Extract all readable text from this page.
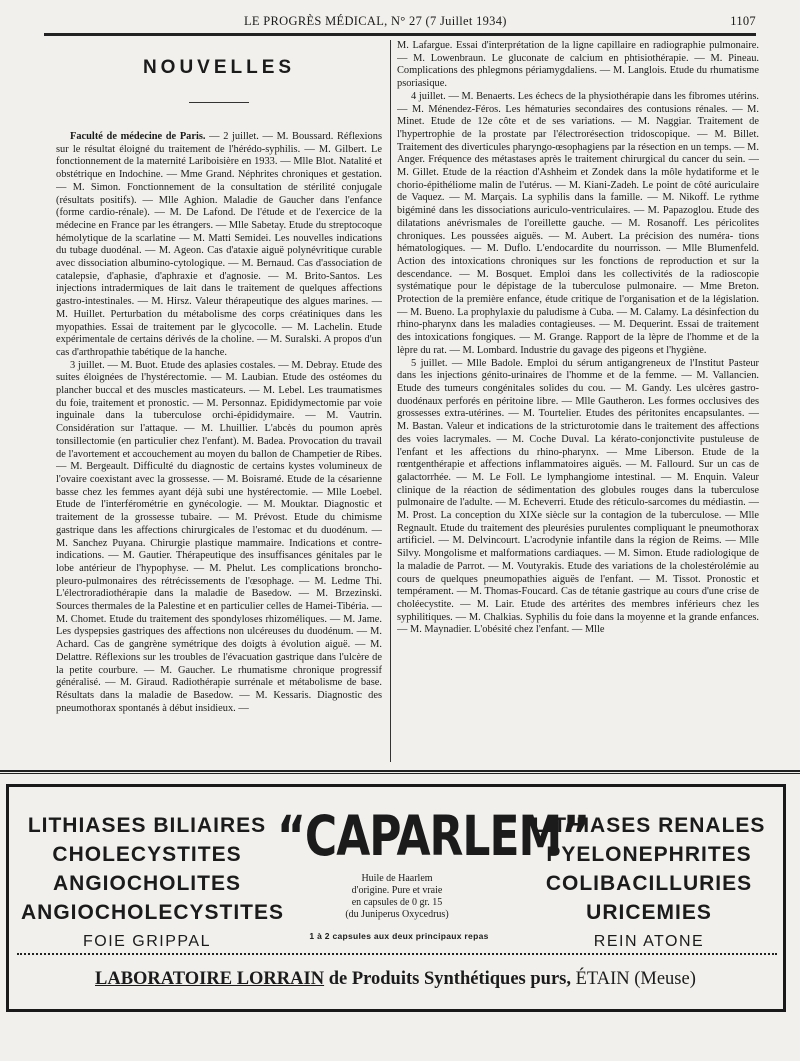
LE PROGRÈS MÉDICAL, N° 27 (7 Juillet 1934)	1107
NOUVELLES

Faculté de médecine de Paris. — 2 juillet. — M. Boussard. Réflexions sur le résultat éloigné du traitement de l'hérédo-syphilis. — M. Gilbert. Le fonctionnement de la maternité Lariboisière en 1933. — Mlle Blot. Natalité et obstétrique en Indochine. — Mme Grand. Néphrites chroniques et gestation. — M. Simon. Fonctionnement de la consultation de stérilité conjugale (résultats positifs). — Mlle Aghion. Maladie de Gaucher dans l'enfance (forme cardio-rénale). — M. De Lafond. De l'étude et de l'exercice de la médecine en France par les étrangers. — Mlle Sabetay. Etude du streptocoque hémolytique de la scarlatine — M. Matti Semidei. Les nouvelles indications du tubage duodénal. — M. Ageon. Cas d'ataxie aiguë polynévritique curable avec dissociation albumino-cytologique. — M. Bernaud. Cas d'association de catalepsie, d'aphasie, d'aphraxie et d'agnosie. — M. Brito-Santos. Les injections intradermiques de lait dans le traitement de quelques affections gastro-intestinales. — M. Hirsz. Valeur thérapeutique des algues marines. — M. Huillet. Perturbation du métabolisme des corps créatiniques dans les myopathies. Essai de traitement par le glycocolle. — M. Lachelin. Etude expérimentale de certains dérivés de la choline. — M. Suralski. A propos d'un cas d'arthropathie tabétique de la hanche.

3 juillet. — M. Buot. Etude des aplasies costales. — M. Debray. Etude des suites éloignées de l'hystérectomie. — M. Laubian. Etude des ostéomes du plancher buccal et des muscles masticateurs. — M. Lebel. Les traumatismes du foie, traitement et pronostic. — M. Personnaz. Epididymectomie par voie inguinale dans la tuberculose orchi-épididymaire. — M. Vautrin. Considération sur l'attaque. — M. Lhuillier. L'abcès du poumon après tonsillectomie (en particulier chez l'enfant). M. Badea. Provocation du travail de l'avortement et accouchement au moyen du ballon de Champetier de Ribes. — M. Bergeault. Difficulté du diagnostic de certains kystes volumineux de l'ovaire coexistant avec la grossesse. — M. Boisramé. Etude de la césarienne basse chez les femmes ayant déjà subi une hystérectomie. — Mlle Loebel. Etude de l'interférométrie en gynécologie. — M. Mouktar. Diagnostic et traitement de la grossesse tubaire. — M. Prévost. Etude du chimisme gastrique dans les affections chirurgicales de l'estomac et du duodénum. — M. Sanchez Puyana. Chirurgie plastique mammaire. Indications et contre-indications. — M. Gautier. Thérapeutique des insuffisances génitales par le lobe antérieur de l'hypophyse. — M. Phelut. Les complications broncho-pleuro-pulmonaires des rétrécissements de l'œsophage. — M. Ledme Thi. L'électroradiothérapie dans la maladie de Basedow. — M. Brzezinski. Sources thermales de la Palestine et en particulier celles de Hamei-Tibéria. — M. Chomet. Etude du traitement des spondyloses rhizoméliques. — M. Jame. Les dyspepsies gastriques des affections non ulcéreuses du duodénum. — M. Achard. Cas de gangrène symétrique des doigts à évolution aiguë. — M. Delattre. Réflexions sur les troubles de l'évacuation gastrique dans l'ulcère de la petite courbure. — M. Gaucher. Le rhumatisme chronique progressif généralisé. — M. Giraud. Radiothérapie surrénale et métabolisme de base. Résultats dans la maladie de Basedow. — M. Kessaris. Diagnostic des pneumothorax spontanés à début insidieux. —

M. Lafargue. Essai d'interprétation de la ligne capillaire en radiographie pulmonaire. — M. Lowenbraun. Le gluconate de calcium en phtisiothérapie. — M. Pineau. Complications des phlegmons périamygdaliens. — M. Langlois. Etude du rhumatisme psoriasique.

4 juillet. — M. Benaerts. Les échecs de la physiothérapie dans les fibromes utérins. — M. Ménendez-Féros. Les hématuries secondaires des contusions rénales. — M. Minet. Etude de 12e côte et de ses variations. — M. Naggiar. Traitement de l'hypertrophie de la prostate par l'électrorésection tridoscopique. — M. Billet. Traitement des diverticules pharyngo-œsophagiens par la résection en un temps. — M. Anger. Fréquence des métastases après le traitement chirurgical du cancer du sein. — M. Gillet. Etude de la réaction d'Ashheim et Zondek dans la môle hydatiforme et le chorio-épithéliome malin de l'utérus. — M. Kiani-Zadeh. Le point de côté auriculaire de Vaquez. — M. Marçais. La syphilis dans la famille. — M. Nikoff. Le rythme bigéminé dans les dissociations auriculo-ventriculaires. — M. Papazoglou. Etude des dilatations anévrismales de l'oreillette gauche. — M. Rosanoff. Les péricolites chroniques. Les poussées aiguës. — M. Aubert. La précision des numéra- tions hématologiques. — M. Duflo. L'endocardite du nourrisson. — Mlle Blumenfeld. Action des intoxications chroniques sur les fonctions de reproduction et sur la descendance. — M. Bosquet. Emploi dans les collectivités de la radioscopie systématique pour le dépistage de la tuberculose pulmonaire. — Mme Breton. Protection de la première enfance, étude critique de l'organisation et de la législation. — M. Bueno. La prophylaxie du paludisme à Cuba. — M. Calamy. La désinfection du rhino-pharynx dans les maladies contagieuses. — M. Dequerint. Essai de traitement des intoxications fongiques. — M. Grange. Rapport de la lèpre de l'homme et de la lèpre du rat. — M. Lombard. Industrie du gavage des pigeons et l'hygiène.

5 juillet. — Mlle Badole. Emploi du sérum antigangreneux de l'Institut Pasteur dans les injections génito-urinaires de l'homme et de la femme. — M. Vallancien. Etude des tumeurs congénitales solides du cou. — M. Gandy. Les ulcères gastro-duodénaux perforés en péritoine libre. — Mlle Gautheron. Les formes occlusives des grossesses extra-utérines. — M. Tourtelier. Etudes des péritonites encapsulantes. — M. Bastan. Valeur et indications de la stricturotomie dans le traitement des affections des voies lacrymales. — M. Coche Duval. La kérato-conjonctivite pustuleuse de l'enfant et les affections du rhino-pharynx. — Mme Liberson. Etude de la rœntgenthérapie et affections inflammatoires aiguës. — M. Fallourd. Sur un cas de galactorrhée. — M. Le Foll. Le lymphangiome intestinal. — M. Enquin. Valeur clinique de la réaction de sédimentation des globules rouges dans la tuberculose pulmonaire de l'adulte. — M. Echeverri. Etude des réticulo-sarcomes du médiastin. — M. Prost. La conception du XIXe siècle sur la contagion de la tuberculose. — Mlle Regnault. Etude du traitement des pleurésies purulentes compliquant le pneumothorax artificiel. — M. Delvincourt. L'acrodynie infantile dans la région de Reims. — Mlle Silvy. Mongolisme et malformations cardiaques. — M. Simon. Etude radiologique de la maladie de Parrot. — M. Voutyrakis. Etude des variations de la cholestérolémie au cours de quelques pneumopathies aiguës de l'enfant. — M. Tissot. Pronostic et tempérament. — M. Thomas-Foucard. Cas de tétanie gastrique au cours d'une crise de choléecystite. — M. Lair. Etude des artérites des membres inférieurs chez les syphilitiques. — M. Chalkias. Syphilis du foie dans la moyenne et la grande enfances. — M. Maynadier. L'obésité chez l'enfant. — Mlle

LITHIASES BILIAIRES
CHOLECYSTITES
ANGIOCHOLITES
ANGIOCHOLECYSTITES
FOIE GRIPPAL
“CAPARLEM”
Huile de Haarlem
d'origine. Pure et vraie
en capsules de 0 gr. 15
(du Juniperus Oxycedrus)
1 à 2 capsules aux deux principaux repas
LITHIASES RENALES
PYELONEPHRITES
COLIBACILLURIES
URICEMIES
REIN ATONE
LABORATOIRE LORRAIN de Produits Synthétiques purs, ÉTAIN (Meuse)
